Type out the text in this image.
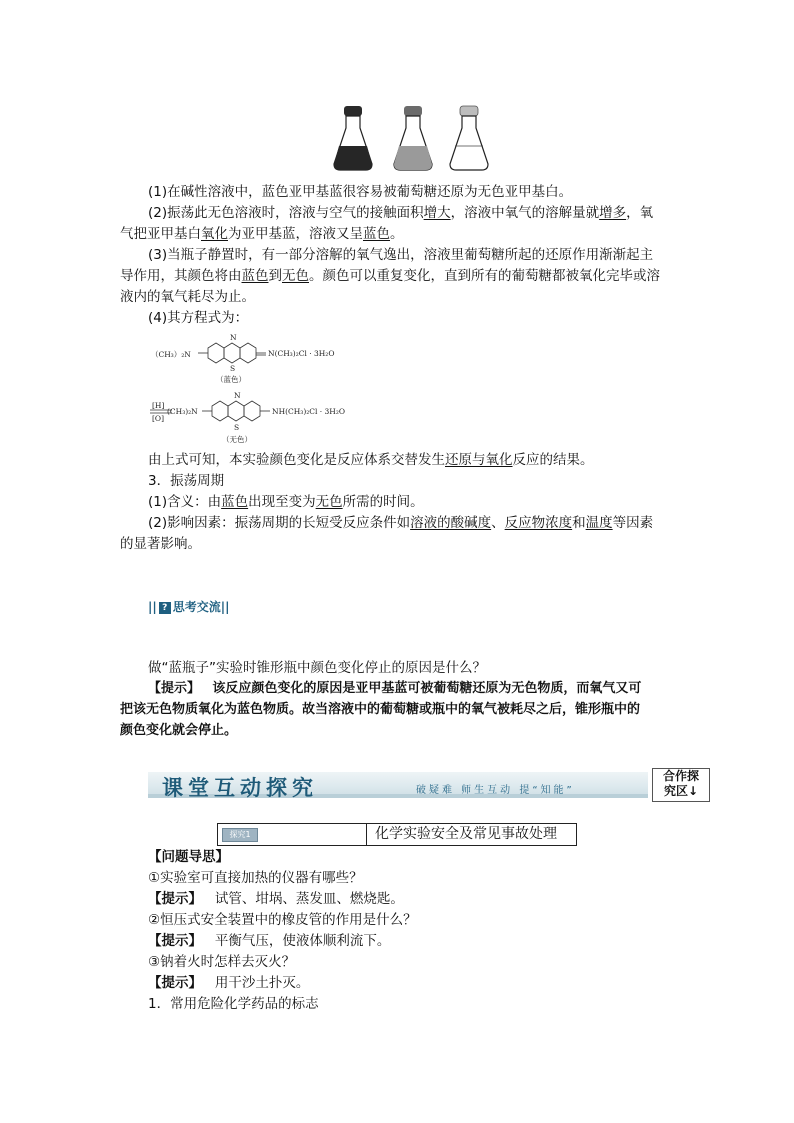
(1)在碱性溶液中，蓝色亚甲基蓝很容易被葡萄糖还原为无色亚甲基白。
(2)振荡此无色溶液时，溶液与空气的接触面积增大，溶液中氧气的溶解量就增多，氧
气把亚甲基白氧化为亚甲基蓝，溶液又呈蓝色。
(3)当瓶子静置时，有一部分溶解的氧气逸出，溶液里葡萄糖所起的还原作用渐渐起主
导作用，其颜色将由蓝色到无色。颜色可以重复变化，直到所有的葡萄糖都被氧化完毕或溶
液内的氧气耗尽为止。
(4)其方程式为：
（CH₃）₂N
N
S
N(CH₃)₂Cl · 3H₂O
（蓝色）
[H]
[O]
(CH₃)₂N
N
S
NH(CH₃)₂Cl · 3H₂O
（无色）
由上式可知，本实验颜色变化是反应体系交替发生还原与氧化反应的结果。
3．振荡周期
(1)含义：由蓝色出现至变为无色所需的时间。
(2)影响因素：振荡周期的长短受反应条件如溶液的酸碱度、反应物浓度和温度等因素
的显著影响。
|| ? 思考交流||
做“蓝瓶子”实验时锥形瓶中颜色变化停止的原因是什么？
【提示】 该反应颜色变化的原因是亚甲基蓝可被葡萄糖还原为无色物质，而氧气又可
把该无色物质氧化为蓝色物质。故当溶液中的葡萄糖或瓶中的氧气被耗尽之后，锥形瓶中的
颜色变化就会停止。
课堂互动探究	破疑难 师生互动 提“知能”
合作探
究区↓
探究1	化学实验安全及常见事故处理
【问题导思】
①实验室可直接加热的仪器有哪些？
【提示】 试管、坩埚、蒸发皿、燃烧匙。
②恒压式安全装置中的橡皮管的作用是什么？
【提示】 平衡气压，使液体顺利流下。
③钠着火时怎样去灭火？
【提示】 用干沙土扑灭。
1．常用危险化学药品的标志
